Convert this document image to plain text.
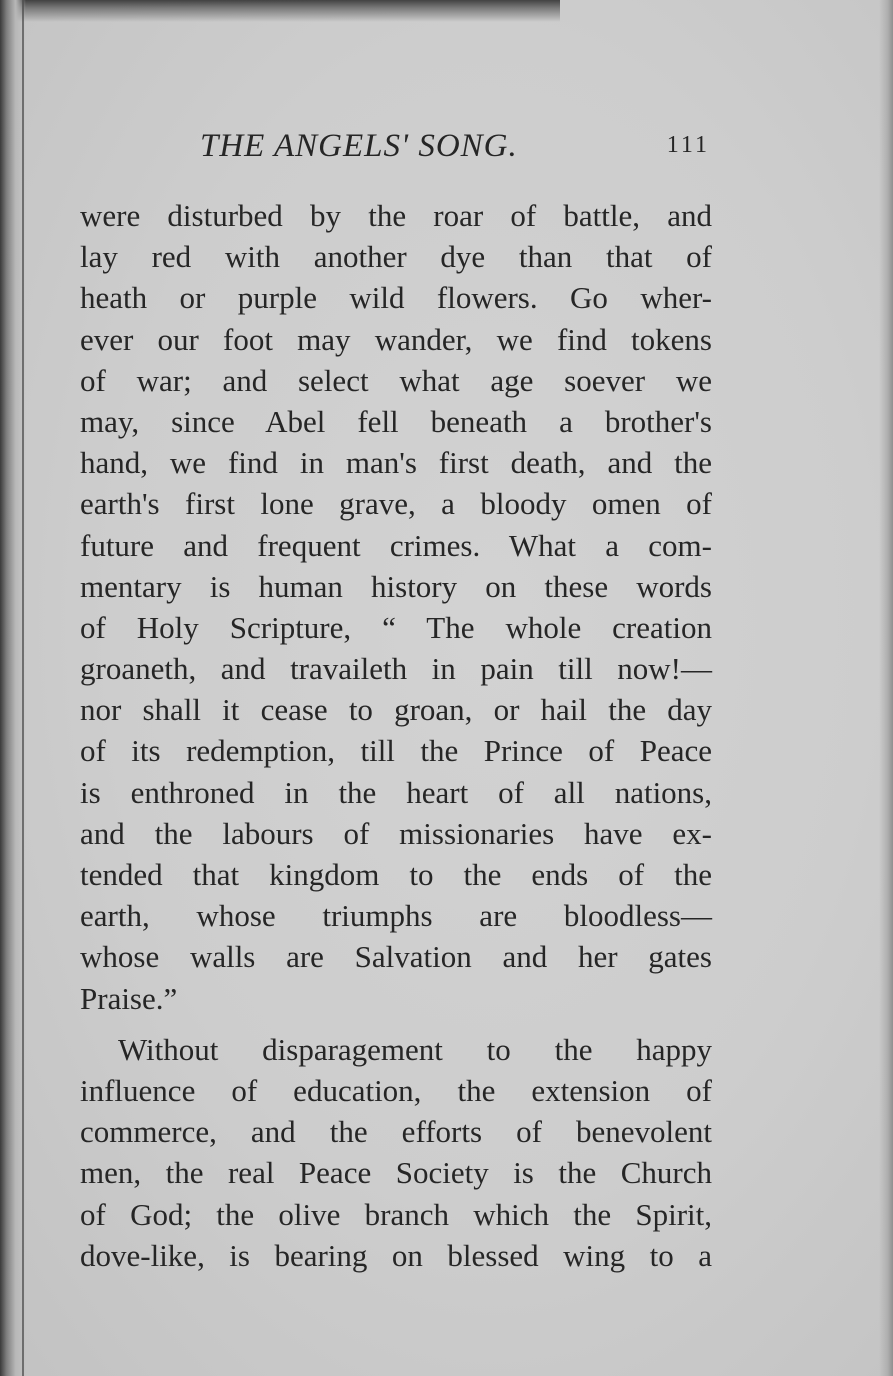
THE ANGELS' SONG.	111
were disturbed by the roar of battle, and
lay red with another dye than that of
heath or purple wild flowers. Go wher-
ever our foot may wander, we find tokens
of war; and select what age soever we
may, since Abel fell beneath a brother's
hand, we find in man's first death, and the
earth's first lone grave, a bloody omen of
future and frequent crimes. What a com-
mentary is human history on these words
of Holy Scripture, “ The whole creation
groaneth, and travaileth in pain till now!—
nor shall it cease to groan, or hail the day
of its redemption, till the Prince of Peace
is enthroned in the heart of all nations,
and the labours of missionaries have ex-
tended that kingdom to the ends of the
earth, whose triumphs are bloodless—
whose walls are Salvation and her gates
Praise.”
Without disparagement to the happy
influence of education, the extension of
commerce, and the efforts of benevolent
men, the real Peace Society is the Church
of God; the olive branch which the Spirit,
dove-like, is bearing on blessed wing to a
